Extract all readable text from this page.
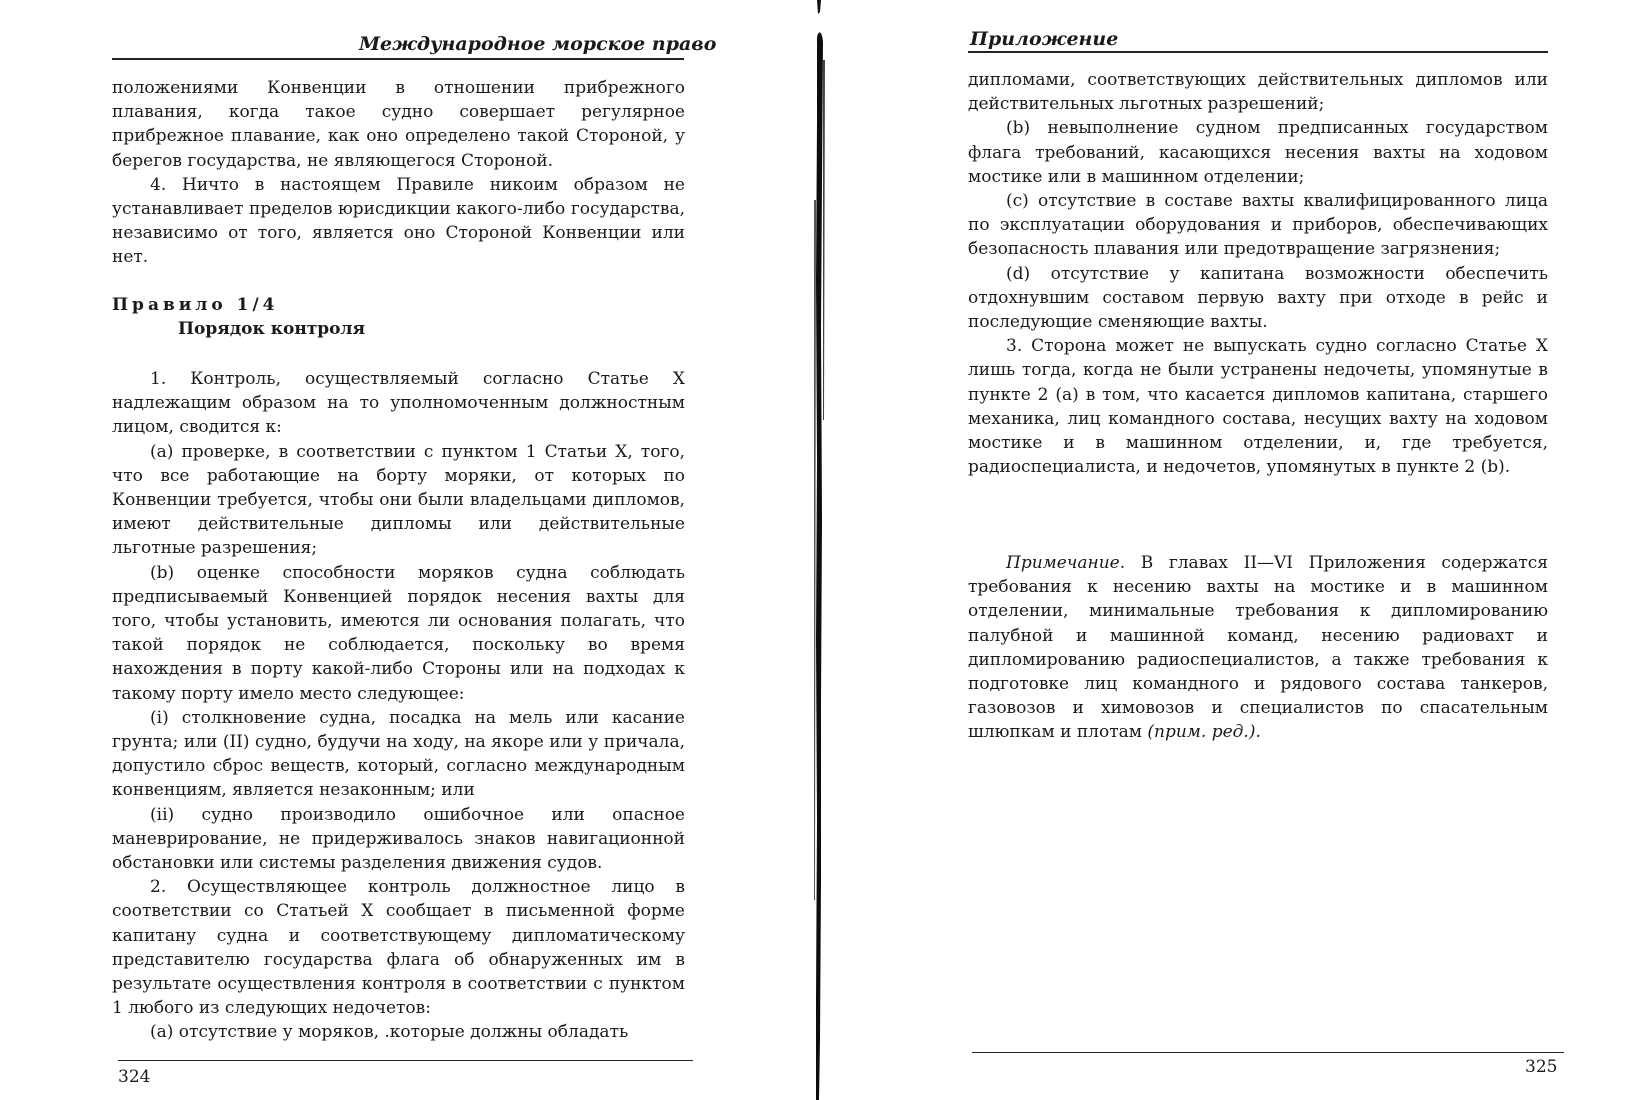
Международное морское право

положениями Конвенции в отношении прибрежного плавания, когда такое судно совершает регулярное прибрежное плавание, как оно определено такой Стороной, у берегов государства, не являющегося Стороной.

4. Ничто в настоящем Правиле никоим образом не устанавливает пределов юрисдикции какого-либо государства, независимо от того, является оно Стороной Конвенции или нет.

Правило 1/4
Порядок контроля

1. Контроль, осуществляемый согласно Статье X надлежащим образом на то уполномоченным должностным лицом, сводится к:

(а) проверке, в соответствии с пунктом 1 Статьи X, того, что все работающие на борту моряки, от которых по Конвенции требуется, чтобы они были владельцами дипломов, имеют действительные дипломы или действительные льготные разрешения;

(b) оценке способности моряков судна соблюдать предписываемый Конвенцией порядок несения вахты для того, чтобы установить, имеются ли основания полагать, что такой порядок не соблюдается, поскольку во время нахождения в порту какой-либо Стороны или на подходах к такому порту имело место следующее:

(i) столкновение судна, посадка на мель или касание грунта; или (II) судно, будучи на ходу, на якоре или у причала, допустило сброс веществ, который, согласно международным конвенциям, является незаконным; или

(ii) судно производило ошибочное или опасное маневрирование, не придерживалось знаков навигационной обстановки или системы разделения движения судов.

2. Осуществляющее контроль должностное лицо в соответствии со Статьей X сообщает в письменной форме капитану судна и соответствующему дипломатическому представителю государства флага об обнаруженных им в результате осуществления контроля в соответствии с пунктом 1 любого из следующих недочетов:

(а) отсутствие у моряков, .которые должны обладать

324
Приложение

дипломами, соответствующих действительных дипломов или действительных льготных разрешений;

(b) невыполнение судном предписанных государством флага требований, касающихся несения вахты на ходовом мостике или в машинном отделении;

(с) отсутствие в составе вахты квалифицированного лица по эксплуатации оборудования и приборов, обеспечивающих безопасность плавания или предотвращение загрязнения;

(d) отсутствие у капитана возможности обеспечить отдохнувшим составом первую вахту при отходе в рейс и последующие сменяющие вахты.

3. Сторона может не выпускать судно согласно Статье X лишь тогда, когда не были устранены недочеты, упомянутые в пункте 2 (а) в том, что касается дипломов капитана, старшего механика, лиц командного состава, несущих вахту на ходовом мостике и в машинном отделении, и, где требуется, радиоспециалиста, и недочетов, упомянутых в пункте 2 (b).

Примечание. В главах II—VI Приложения содержатся требования к несению вахты на мостике и в машинном отделении, минимальные требования к дипломированию палубной и машинной команд, несению радиовахт и дипломированию радиоспециалистов, а также требования к подготовке лиц командного и рядового состава танкеров, газовозов и химовозов и специалистов по спасательным шлюпкам и плотам (прим. ред.).

325
